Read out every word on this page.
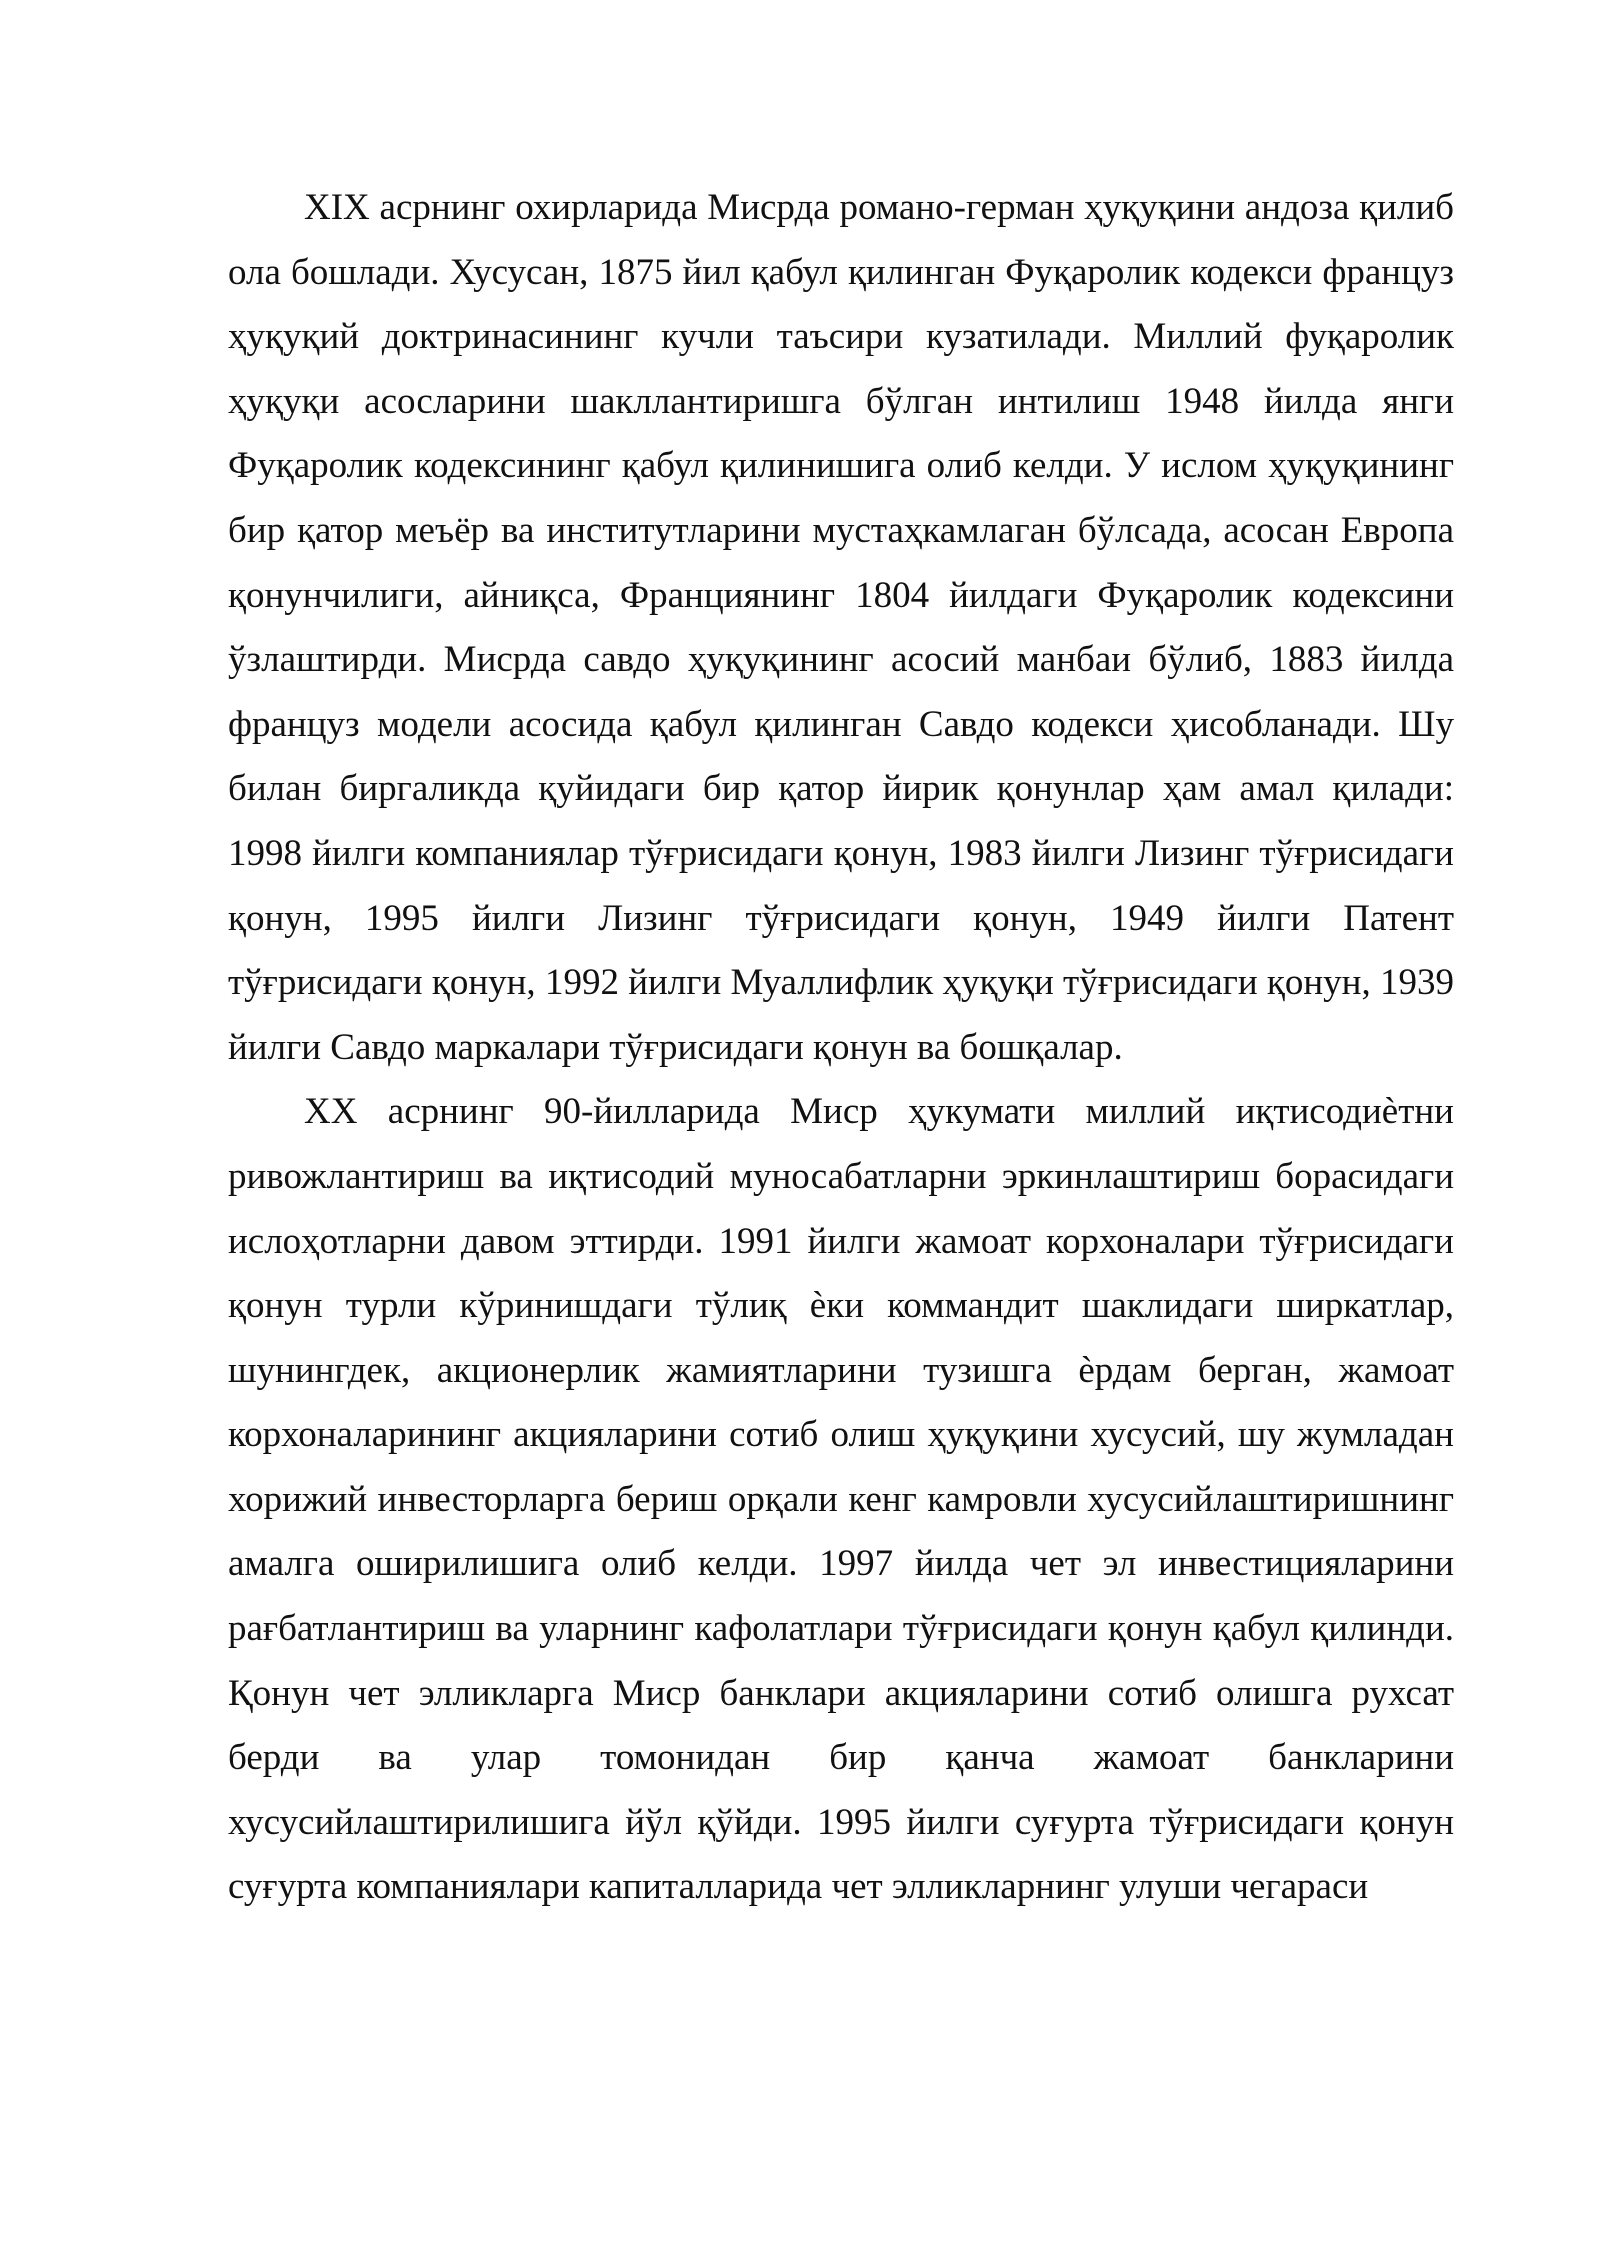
XIX асрнинг охирларида Мисрда романо-герман ҳуқуқини андоза қилиб ола бошлади. Хусусан, 1875 йил қабул қилинган Фуқаролик кодекси француз ҳуқуқий доктринасининг кучли таъсири кузатилади. Миллий фуқаролик ҳуқуқи асосларини шакллантиришга бўлган интилиш 1948 йилда янги Фуқаролик кодексининг қабул қилинишига олиб келди. У ислом ҳуқуқининг бир қатор меъёр ва институтларини мустаҳкамлаган бўлсада, асосан Европа қонунчилиги, айниқса, Франциянинг 1804 йилдаги Фуқаролик кодексини ўзлаштирди. Мисрда савдо ҳуқуқининг асосий манбаи бўлиб, 1883 йилда француз модели асосида қабул қилинган Савдо кодекси ҳисобланади. Шу билан биргаликда қуйидаги бир қатор йирик қонунлар ҳам амал қилади: 1998 йилги компаниялар тўғрисидаги қонун, 1983 йилги Лизинг тўғрисидаги қонун, 1995 йилги Лизинг тўғрисидаги қонун, 1949 йилги Патент тўғрисидаги қонун, 1992 йилги Муаллифлик ҳуқуқи тўғрисидаги қонун, 1939 йилги Савдо маркалари тўғрисидаги қонун ва бошқалар.

XX асрнинг 90-йилларида Миср ҳукумати миллий иқтисодиѐтни ривожлантириш ва иқтисодий муносабатларни эркинлаштириш борасидаги ислоҳотларни давом эттирди. 1991 йилги жамоат корхоналари тўғрисидаги қонун турли кўринишдаги тўлиқ ѐки коммандит шаклидаги ширкатлар, шунингдек, акционерлик жамиятларини тузишга ѐрдам берган, жамоат корхоналарининг акцияларини сотиб олиш ҳуқуқини хусусий, шу жумладан хорижий инвесторларга бериш орқали кенг камровли хусусийлаштиришнинг амалга оширилишига олиб келди. 1997 йилда чет эл инвестицияларини рағбатлантириш ва уларнинг кафолатлари тўғрисидаги қонун қабул қилинди. Қонун чет элликларга Миср банклари акцияларини сотиб олишга рухсат берди ва улар томонидан бир қанча жамоат банкларини хусусийлаштирилишига йўл қўйди. 1995 йилги суғурта тўғрисидаги қонун суғурта компаниялари капиталларида чет элликларнинг улуши чегараси
